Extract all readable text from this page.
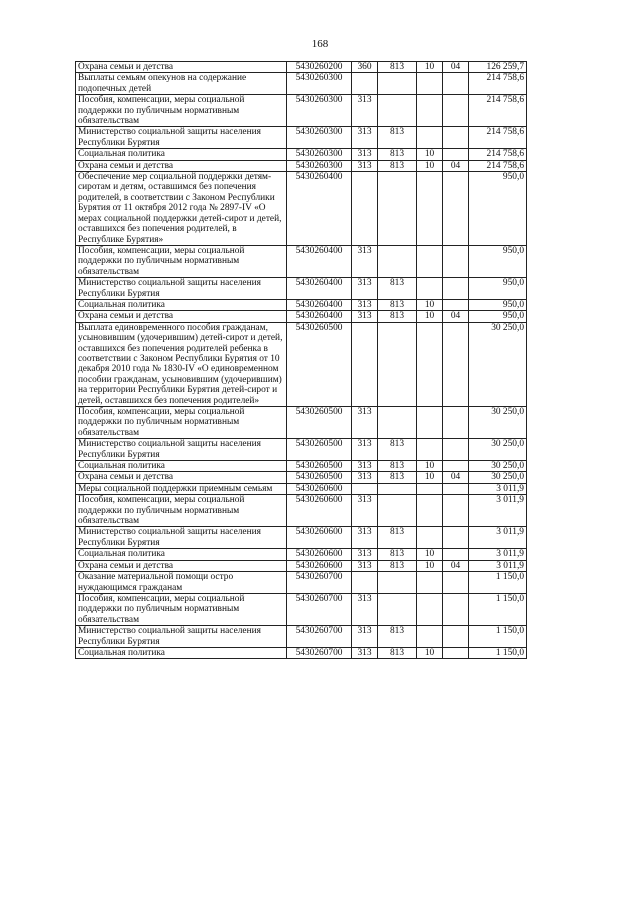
168
Охрана семьи и детства	5430260200	360	813	10	04	126 259,7

Выплаты семьям опекунов на содержание подопечных детей	5430260300					214 758,6

Пособия, компенсации, меры социальной поддержки по публичным нормативным обязательствам	5430260300	313				214 758,6

Министерство социальной защиты населения Республики Бурятия	5430260300	313	813			214 758,6

Социальная политика	5430260300	313	813	10		214 758,6

Охрана семьи и детства	5430260300	313	813	10	04	214 758,6

Обеспечение мер социальной поддержки детям-сиротам и детям, оставшимся без попечения родителей, в соответствии с Законом Республики Бурятия от 11 октября 2012 года № 2897-IV «О мерах социальной поддержки детей-сирот и детей, оставшихся без попечения родителей, в Республике Бурятия»	5430260400					950,0

Пособия, компенсации, меры социальной поддержки по публичным нормативным обязательствам	5430260400	313				950,0

Министерство социальной защиты населения Республики Бурятия	5430260400	313	813			950,0

Социальная политика	5430260400	313	813	10		950,0

Охрана семьи и детства	5430260400	313	813	10	04	950,0

Выплата единовременного пособия гражданам, усыновившим (удочерившим) детей-сирот и детей, оставшихся без попечения родителей ребенка в соответствии с Законом Республики Бурятия от 10 декабря 2010 года № 1830-IV «О единовременном пособии гражданам, усыновившим (удочерившим) на территории Республики Бурятия детей-сирот и детей, оставшихся без попечения родителей»	5430260500					30 250,0

Пособия, компенсации, меры социальной поддержки по публичным нормативным обязательствам	5430260500	313				30 250,0

Министерство социальной защиты населения Республики Бурятия	5430260500	313	813			30 250,0

Социальная политика	5430260500	313	813	10		30 250,0

Охрана семьи и детства	5430260500	313	813	10	04	30 250,0

Меры социальной поддержки приемным семьям	5430260600					3 011,9

Пособия, компенсации, меры социальной поддержки по публичным нормативным обязательствам	5430260600	313				3 011,9

Министерство социальной защиты населения Республики Бурятия	5430260600	313	813			3 011,9

Социальная политика	5430260600	313	813	10		3 011,9

Охрана семьи и детства	5430260600	313	813	10	04	3 011,9

Оказание материальной помощи остро нуждающимся гражданам	5430260700					1 150,0

Пособия, компенсации, меры социальной поддержки по публичным нормативным обязательствам	5430260700	313				1 150,0

Министерство социальной защиты населения Республики Бурятия	5430260700	313	813			1 150,0

Социальная политика	5430260700	313	813	10		1 150,0
